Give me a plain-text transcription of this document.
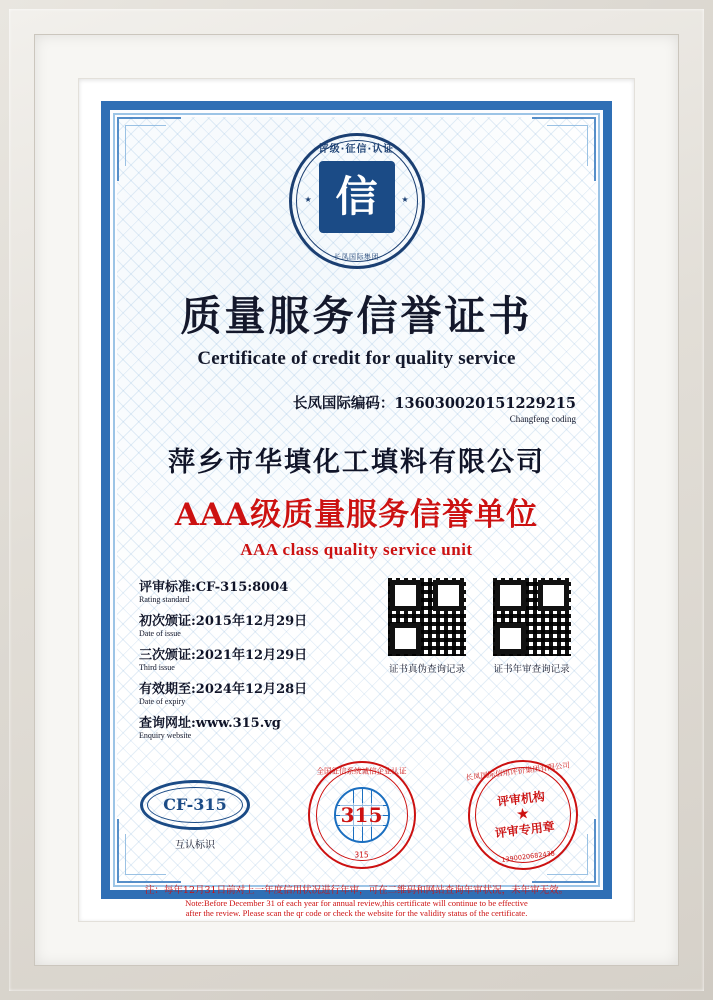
评级·征信·认证
信
长凤国际集团
★	★
质量服务信誉证书
Certificate of credit for quality service
长凤国际编码：136030020151229215
Changfeng coding
萍乡市华填化工填料有限公司
AAA级质量服务信誉单位
AAA class quality service unit
评审标准:CF-315:8004
Rating standard
初次颁证:2015年12月29日
Date of issue
三次颁证:2021年12月29日
Third issue
有效期至:2024年12月28日
Date of expiry
查询网址:www.315.vg
Enquiry website
证书真伪查询记录	证书年审查询记录
CF-315
互认标识
全国征信系统诚信企业认证
315
315
长凤国际信用评价集团有限公司
1390020682438
评审机构
★
评审专用章
注：每年12月31日前对上一年度信用状况进行年审，可在二维码和网站查询年审状况，未年审无效。
Note:Before December 31 of each year for annual review,this certificate will continue to be effective
after the review. Please scan the qr code or check the website for the validity status of the certificate.
